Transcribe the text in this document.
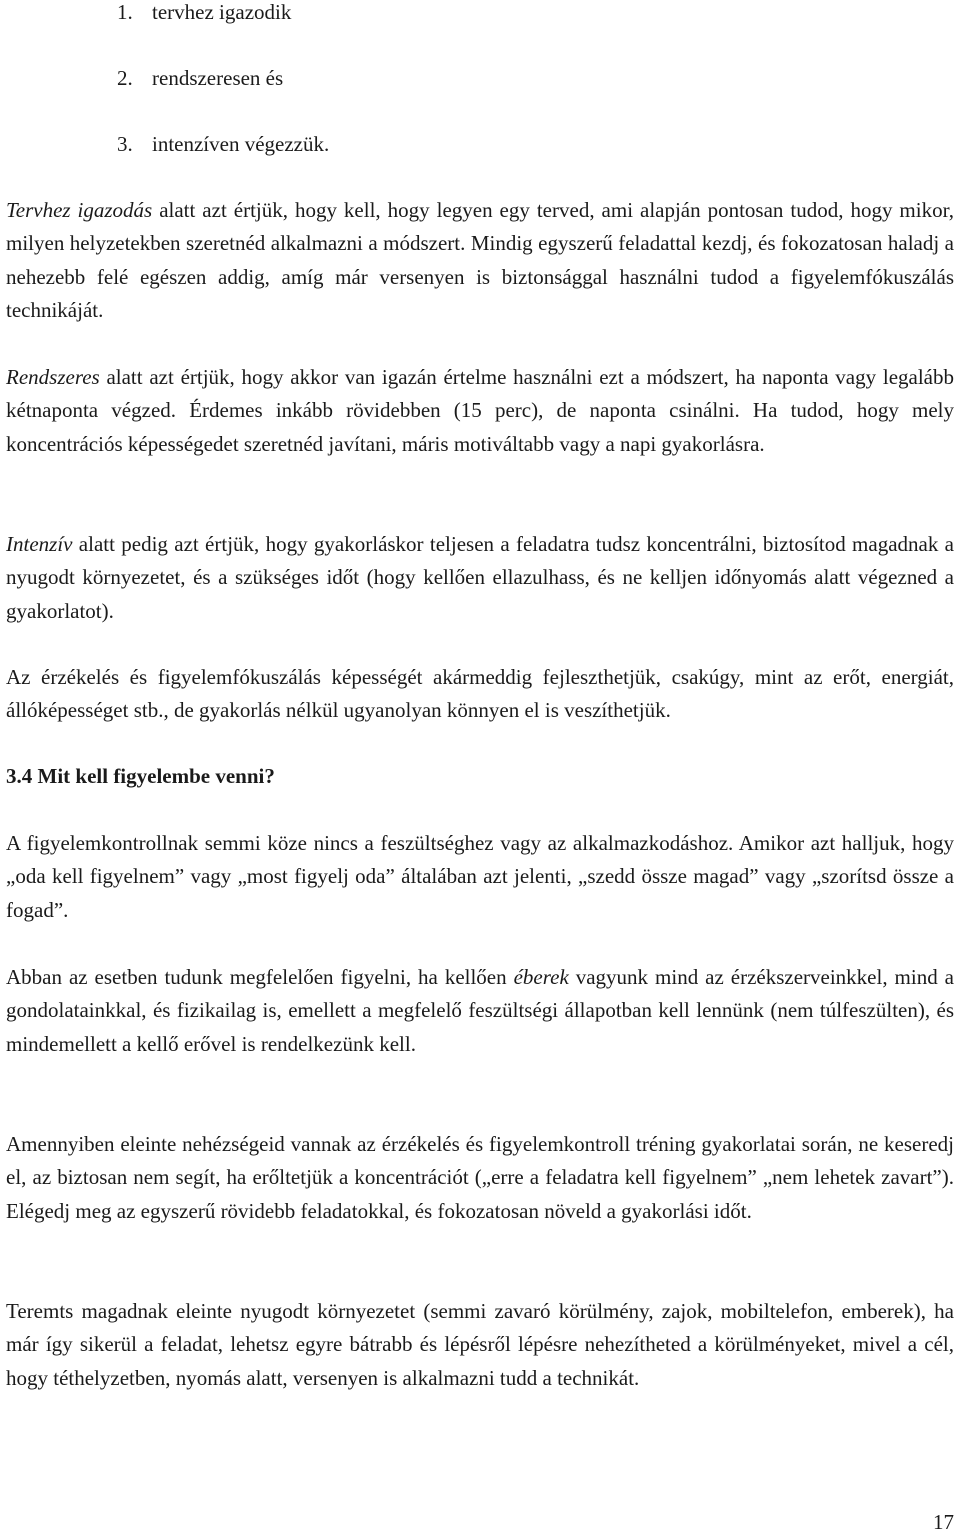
1. tervhez igazodik
2. rendszeresen és
3. intenzíven végezzük.

Tervhez igazodás alatt azt értjük, hogy kell, hogy legyen egy terved, ami alapján pontosan tudod, hogy mikor, milyen helyzetekben szeretnéd alkalmazni a módszert. Mindig egyszerű feladattal kezdj, és fokozatosan haladj a nehezebb felé egészen addig, amíg már versenyen is biztonsággal használni tudod a figyelemfókuszálás technikáját.

Rendszeres alatt azt értjük, hogy akkor van igazán értelme használni ezt a módszert, ha naponta vagy legalább kétnaponta végzed. Érdemes inkább rövidebben (15 perc), de naponta csinálni. Ha tudod, hogy mely koncentrációs képességedet szeretnéd javítani, máris motiváltabb vagy a napi gyakorlásra.

Intenzív alatt pedig azt értjük, hogy gyakorláskor teljesen a feladatra tudsz koncentrálni, biztosítod magadnak a nyugodt környezetet, és a szükséges időt (hogy kellően ellazulhass, és ne kelljen időnyomás alatt végezned a gyakorlatot).

Az érzékelés és figyelemfókuszálás képességét akármeddig fejleszthetjük, csakúgy, mint az erőt, energiát, állóképességet stb., de gyakorlás nélkül ugyanolyan könnyen el is veszíthetjük.

3.4 Mit kell figyelembe venni?

A figyelemkontrollnak semmi köze nincs a feszültséghez vagy az alkalmazkodáshoz. Amikor azt halljuk, hogy „oda kell figyelnem” vagy „most figyelj oda” általában azt jelenti, „szedd össze magad” vagy „szorítsd össze a fogad”.

Abban az esetben tudunk megfelelően figyelni, ha kellően éberek vagyunk mind az érzékszerveinkkel, mind a gondolatainkkal, és fizikailag is, emellett a megfelelő feszültségi állapotban kell lennünk (nem túlfeszülten), és mindemellett a kellő erővel is rendelkezünk kell.

Amennyiben eleinte nehézségeid vannak az érzékelés és figyelemkontroll tréning gyakorlatai során, ne keseredj el, az biztosan nem segít, ha erőltetjük a koncentrációt („erre a feladatra kell figyelnem” „nem lehetek zavart”). Elégedj meg az egyszerű rövidebb feladatokkal, és fokozatosan növeld a gyakorlási időt.

Teremts magadnak eleinte nyugodt környezetet (semmi zavaró körülmény, zajok, mobiltelefon, emberek), ha már így sikerül a feladat, lehetsz egyre bátrabb és lépésről lépésre nehezítheted a körülményeket, mivel a cél, hogy téthelyzetben, nyomás alatt, versenyen is alkalmazni tudd a technikát.

17
